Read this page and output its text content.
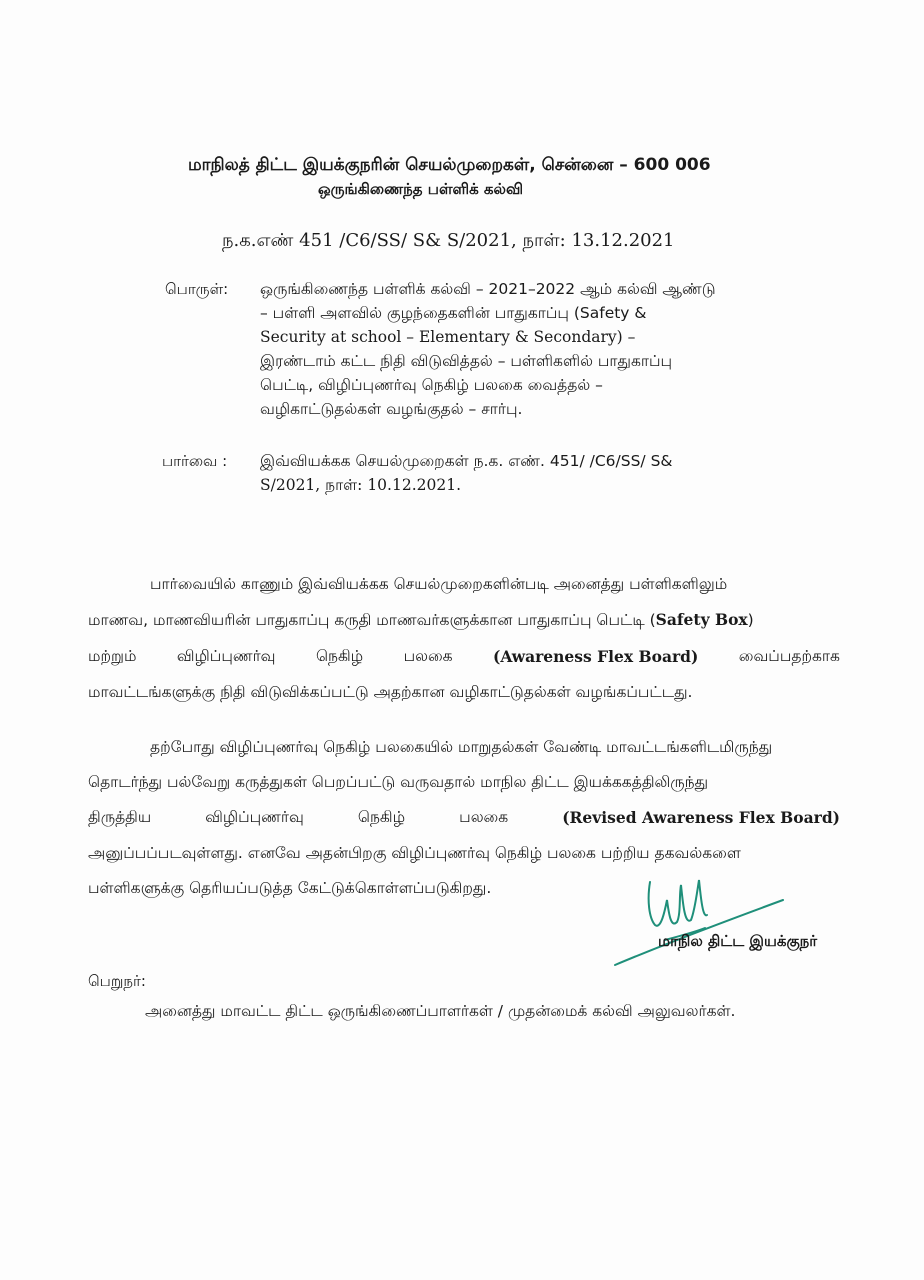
மாநிலத் திட்ட இயக்குநரின் செயல்முறைகள், சென்னை – 600 006
ஒருங்கிணைந்த பள்ளிக் கல்வி
ந.க.எண் 451 /C6/SS/ S& S/2021, நாள்: 13.12.2021
பொருள்: ஒருங்கிணைந்த பள்ளிக் கல்வி – 2021–2022 ஆம் கல்வி ஆண்டு
– பள்ளி அளவில் குழந்தைகளின் பாதுகாப்பு (Safety &
Security at school – Elementary & Secondary) –
இரண்டாம் கட்ட நிதி விடுவித்தல் – பள்ளிகளில் பாதுகாப்பு
பெட்டி, விழிப்புணர்வு நெகிழ் பலகை வைத்தல் –
வழிகாட்டுதல்கள் வழங்குதல் – சார்பு.
பார்வை : இவ்வியக்கக செயல்முறைகள் ந.க. எண். 451/ /C6/SS/ S&
S/2021, நாள்: 10.12.2021.
பார்வையில் காணும் இவ்வியக்கக செயல்முறைகளின்படி அனைத்து பள்ளிகளிலும்
மாணவ, மாணவியரின் பாதுகாப்பு கருதி மாணவர்களுக்கான பாதுகாப்பு பெட்டி (Safety Box)
மற்றும்	விழிப்புணர்வு	நெகிழ்	பலகை	(Awareness Flex Board)	வைப்பதற்காக
மாவட்டங்களுக்கு நிதி விடுவிக்கப்பட்டு அதற்கான வழிகாட்டுதல்கள் வழங்கப்பட்டது.
தற்போது விழிப்புணர்வு நெகிழ் பலகையில் மாறுதல்கள் வேண்டி மாவட்டங்களிடமிருந்து
தொடர்ந்து பல்வேறு கருத்துகள் பெறப்பட்டு வருவதால் மாநில திட்ட இயக்ககத்திலிருந்து
திருத்திய	விழிப்புணர்வு	நெகிழ்	பலகை	(Revised Awareness Flex Board)
அனுப்பப்படவுள்ளது. எனவே அதன்பிறகு விழிப்புணர்வு நெகிழ் பலகை பற்றிய தகவல்களை
பள்ளிகளுக்கு தெரியப்படுத்த கேட்டுக்கொள்ளப்படுகிறது.
மாநில திட்ட இயக்குநர்
பெறுநர்:
அனைத்து மாவட்ட திட்ட ஒருங்கிணைப்பாளர்கள் / முதன்மைக் கல்வி அலுவலர்கள்.
